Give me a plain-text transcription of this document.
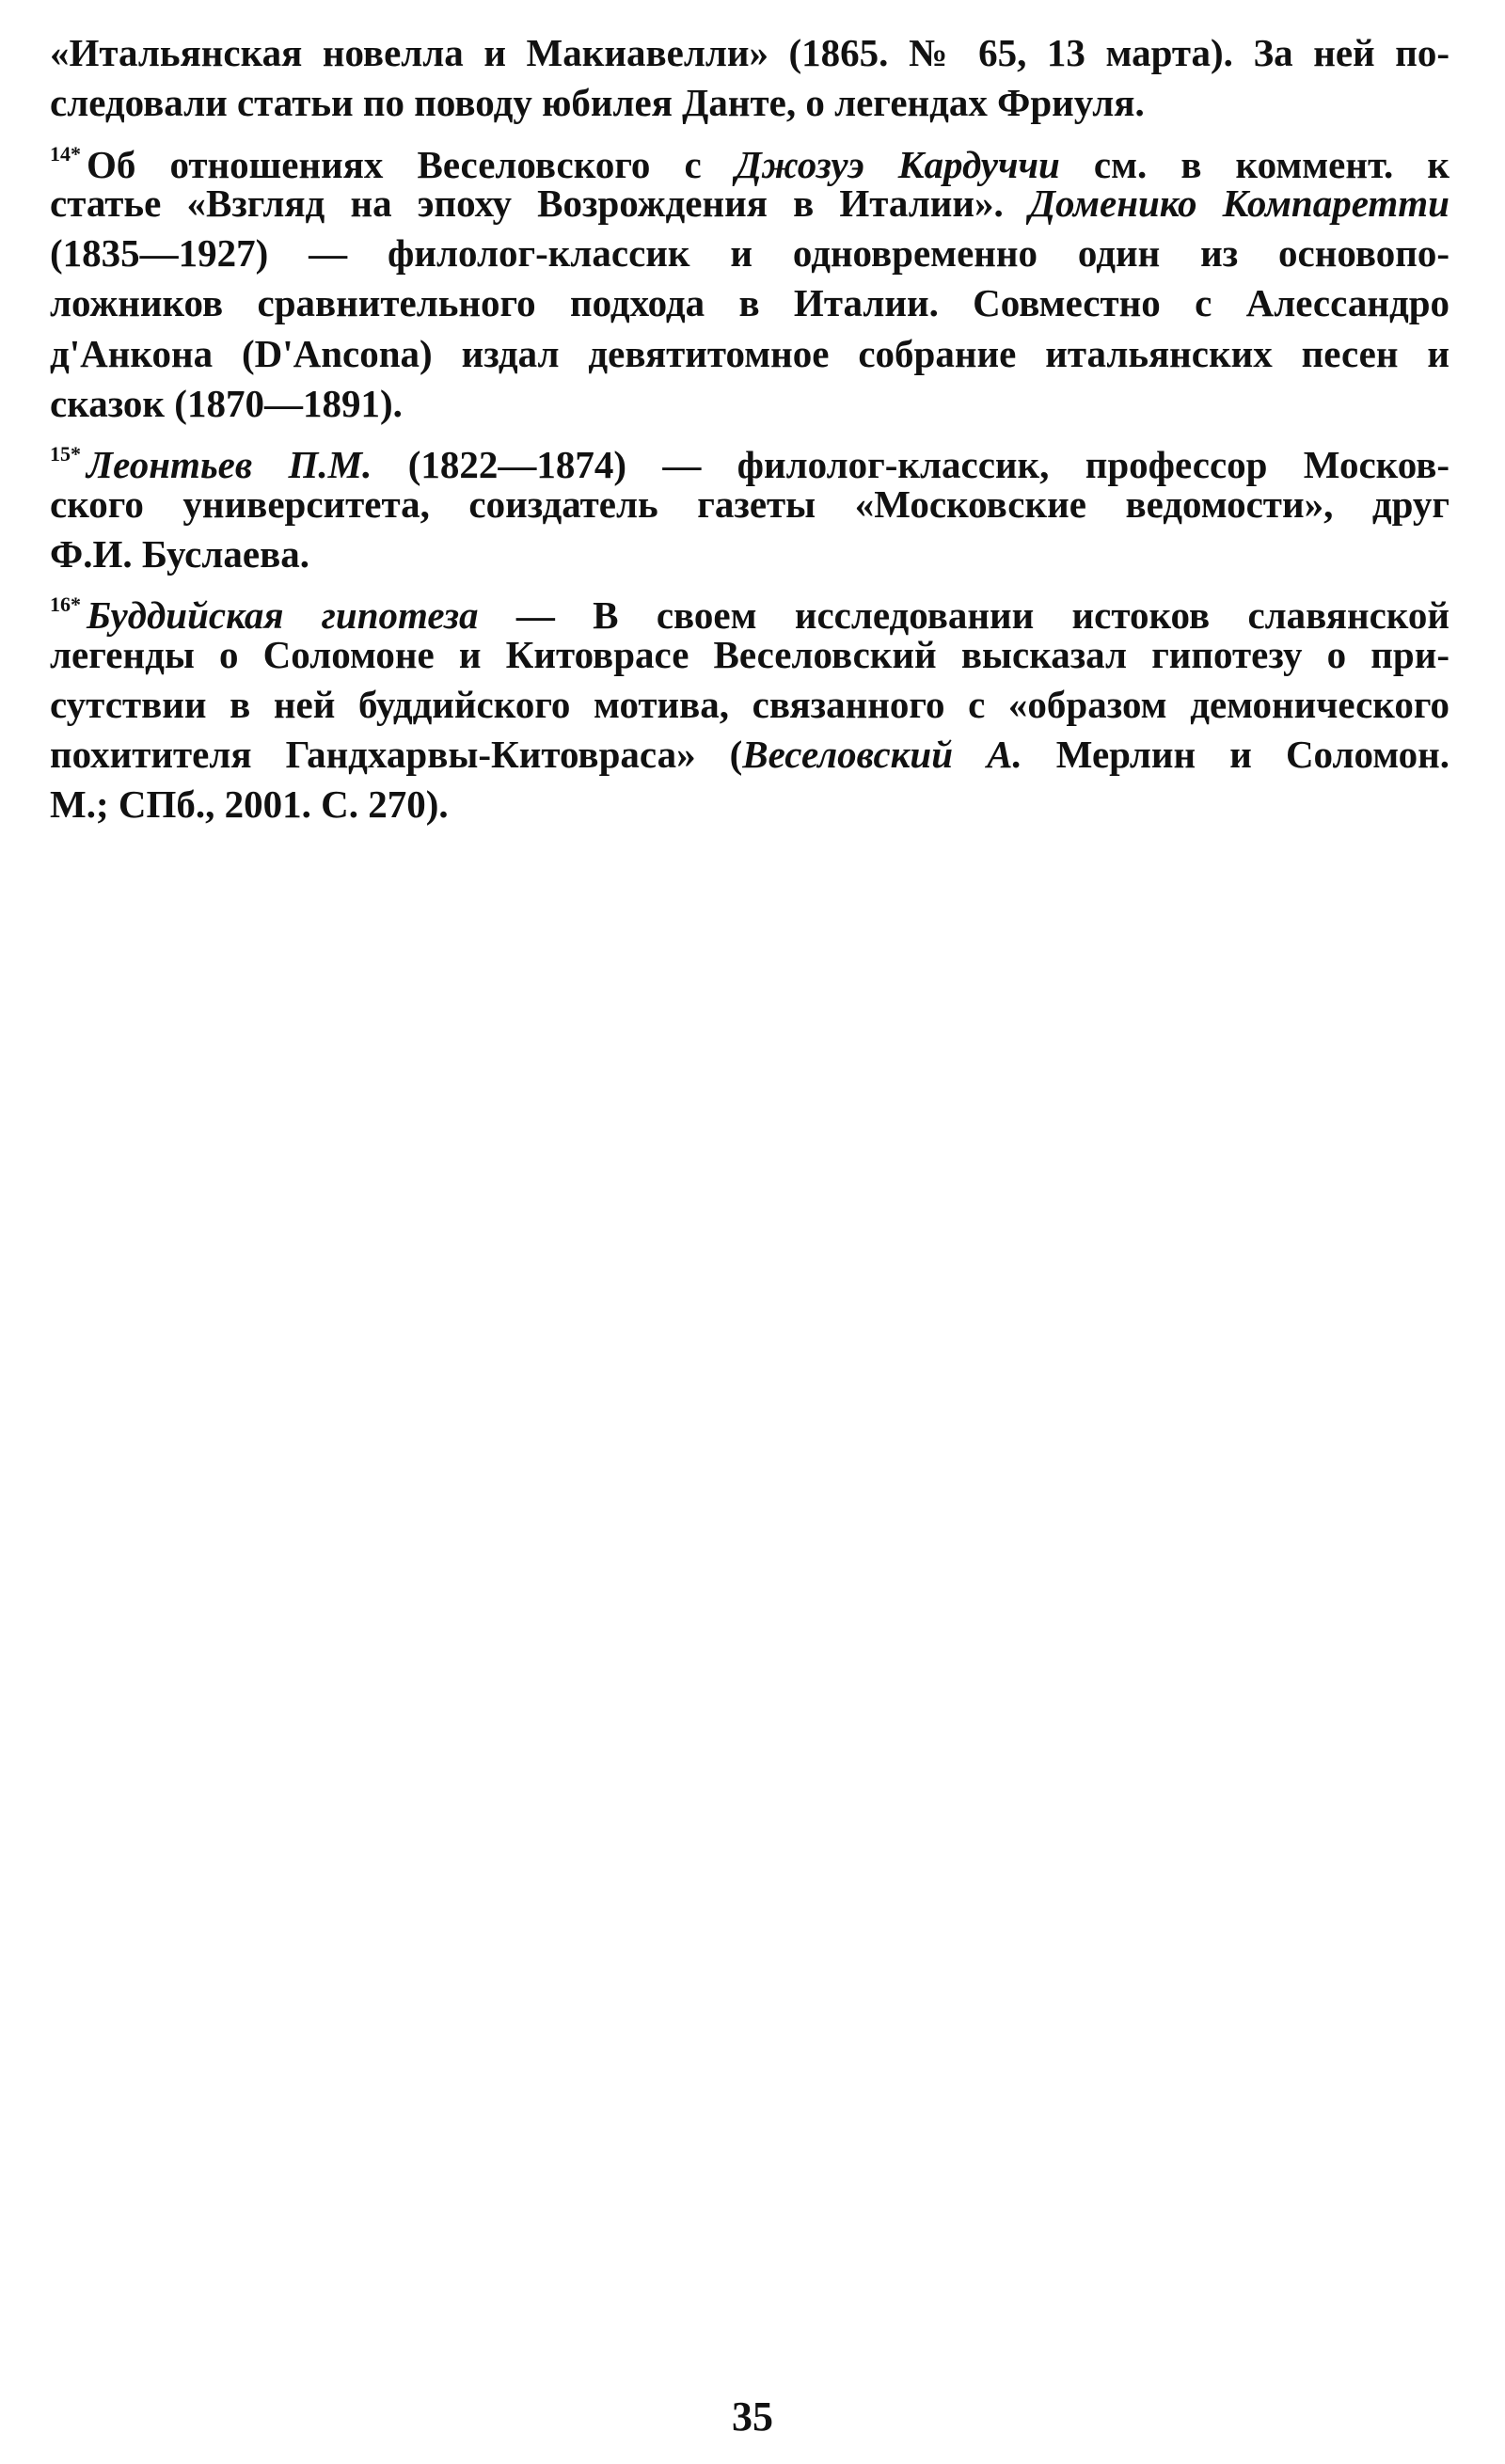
«Итальянская новелла и Макиавелли» (1865. № 65, 13 марта). За ней по-
следовали статьи по поводу юбилея Данте, о легендах Фриуля.
$^{14*}$ Об отношениях Веселовского с Джозуэ Кардуччи см. в коммент. к
статье «Взгляд на эпоху Возрождения в Италии». Доменико Компаретти
(1835—1927) — филолог-классик и одновременно один из основопо-
ложников сравнительного подхода в Италии. Совместно с Алессандро
д'Анкона (D'Ancona) издал девятитомное собрание итальянских песен и
сказок (1870—1891).
$^{15*}$ Леонтьев П.М. (1822—1874) — филолог-классик, профессор Москов-
ского университета, соиздатель газеты «Московские ведомости», друг
Ф.И. Буслаева.
$^{16*}$ Буддийская гипотеза — В своем исследовании истоков славянской
легенды о Соломоне и Китоврасе Веселовский высказал гипотезу о при-
сутствии в ней буддийского мотива, связанного с «образом демонического
похитителя Гандхарвы-Китовраса» (Веселовский А. Мерлин и Соломон.
М.; СПб., 2001. С. 270).
35
